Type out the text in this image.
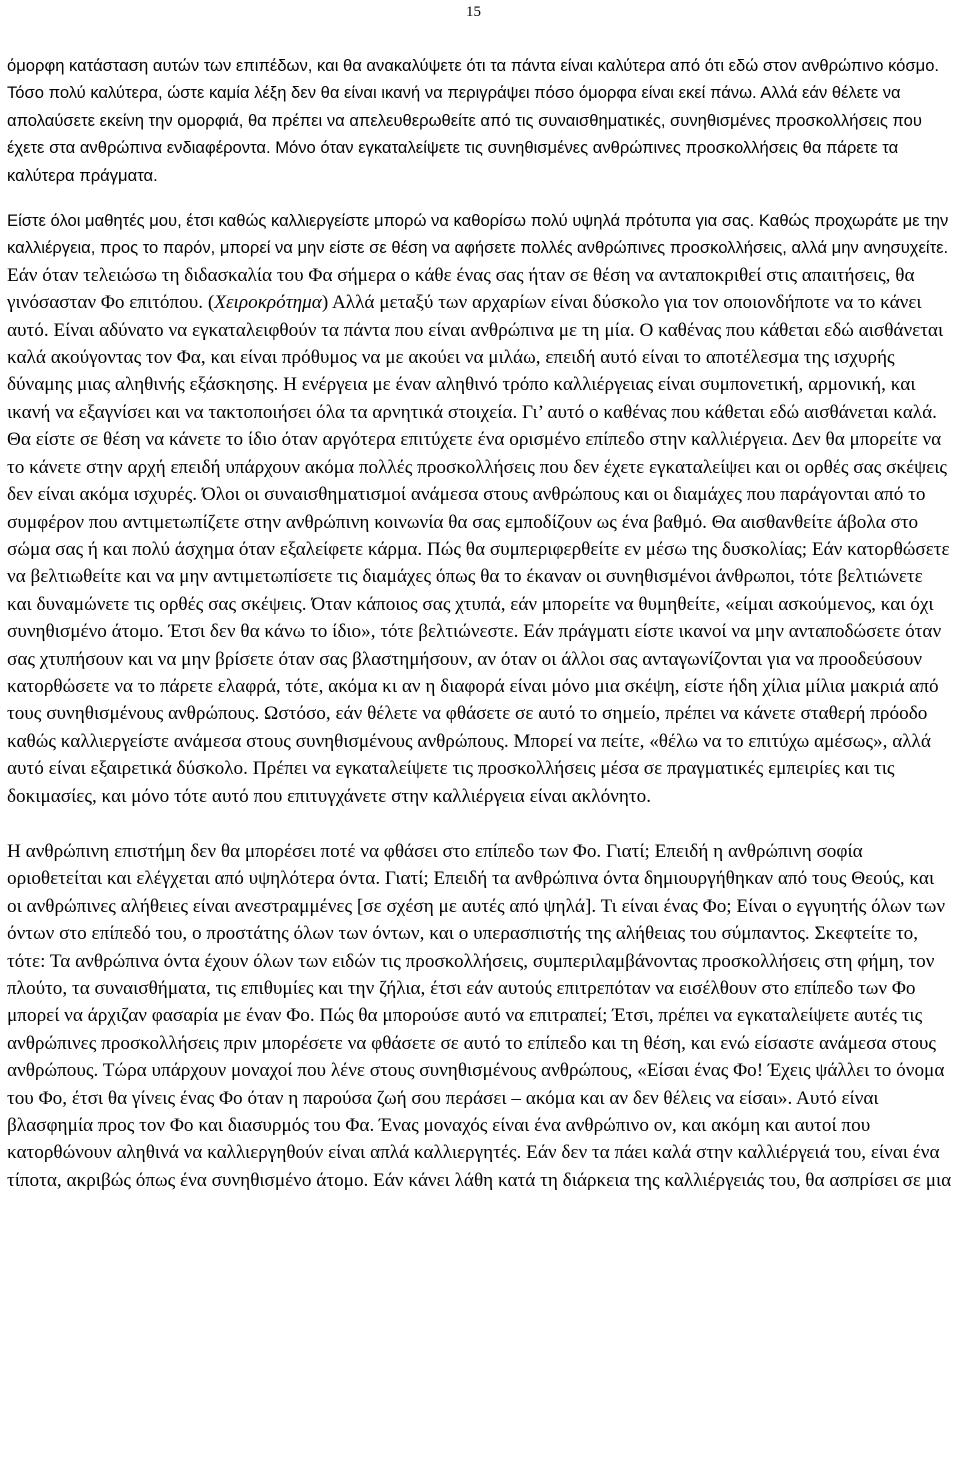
15

όμορφη κατάσταση αυτών των επιπέδων, και θα ανακαλύψετε ότι τα πάντα είναι καλύτερα από ότι εδώ στον ανθρώπινο κόσμο. Τόσο πολύ καλύτερα, ώστε καμία λέξη δεν θα είναι ικανή να περιγράψει πόσο όμορφα είναι εκεί πάνω. Αλλά εάν θέλετε να απολαύσετε εκείνη την ομορφιά, θα πρέπει να απελευθερωθείτε από τις συναισθηματικές, συνηθισμένες προσκολλήσεις που έχετε στα ανθρώπινα ενδιαφέροντα. Μόνο όταν εγκαταλείψετε τις συνηθισμένες ανθρώπινες προσκολλήσεις θα πάρετε τα καλύτερα πράγματα.

Είστε όλοι μαθητές μου, έτσι καθώς καλλιεργείστε μπορώ να καθορίσω πολύ υψηλά πρότυπα για σας. Καθώς προχωράτε με την καλλιέργεια, προς το παρόν, μπορεί να μην είστε σε θέση να αφήσετε πολλές ανθρώπινες προσκολλήσεις, αλλά μην ανησυχείτε. Εάν όταν τελειώσω τη διδασκαλία του Φα σήμερα ο κάθε ένας σας ήταν σε θέση να ανταποκριθεί στις απαιτήσεις, θα γινόσασταν Φο επιτόπου. (Χειροκρότημα) Αλλά μεταξύ των αρχαρίων είναι δύσκολο για τον οποιονδήποτε να το κάνει αυτό. Είναι αδύνατο να εγκαταλειφθούν τα πάντα που είναι ανθρώπινα με τη μία. Ο καθένας που κάθεται εδώ αισθάνεται καλά ακούγοντας τον Φα, και είναι πρόθυμος να με ακούει να μιλάω, επειδή αυτό είναι το αποτέλεσμα της ισχυρής δύναμης μιας αληθινής εξάσκησης. Η ενέργεια με έναν αληθινό τρόπο καλλιέργειας είναι συμπονετική, αρμονική, και ικανή να εξαγνίσει και να τακτοποιήσει όλα τα αρνητικά στοιχεία. Γι’ αυτό ο καθένας που κάθεται εδώ αισθάνεται καλά. Θα είστε σε θέση να κάνετε το ίδιο όταν αργότερα επιτύχετε ένα ορισμένο επίπεδο στην καλλιέργεια. Δεν θα μπορείτε να το κάνετε στην αρχή επειδή υπάρχουν ακόμα πολλές προσκολλήσεις που δεν έχετε εγκαταλείψει και οι ορθές σας σκέψεις δεν είναι ακόμα ισχυρές. Όλοι οι συναισθηματισμοί ανάμεσα στους ανθρώπους και οι διαμάχες που παράγονται από το συμφέρον που αντιμετωπίζετε στην ανθρώπινη κοινωνία θα σας εμποδίζουν ως ένα βαθμό. Θα αισθανθείτε άβολα στο σώμα σας ή και πολύ άσχημα όταν εξαλείφετε κάρμα. Πώς θα συμπεριφερθείτε εν μέσω της δυσκολίας; Εάν κατορθώσετε να βελτιωθείτε και να μην αντιμετωπίσετε τις διαμάχες όπως θα το έκαναν οι συνηθισμένοι άνθρωποι, τότε βελτιώνετε και δυναμώνετε τις ορθές σας σκέψεις. Όταν κάποιος σας χτυπά, εάν μπορείτε να θυμηθείτε, «είμαι ασκούμενος, και όχι συνηθισμένο άτομο. Έτσι δεν θα κάνω το ίδιο», τότε βελτιώνεστε. Εάν πράγματι είστε ικανοί να μην ανταποδώσετε όταν σας χτυπήσουν και να μην βρίσετε όταν σας βλαστημήσουν, αν όταν οι άλλοι σας ανταγωνίζονται για να προοδεύσουν κατορθώσετε να το πάρετε ελαφρά, τότε, ακόμα κι αν η διαφορά είναι μόνο μια σκέψη, είστε ήδη χίλια μίλια μακριά από τους συνηθισμένους ανθρώπους. Ωστόσο, εάν θέλετε να φθάσετε σε αυτό το σημείο, πρέπει να κάνετε σταθερή πρόοδο καθώς καλλιεργείστε ανάμεσα στους συνηθισμένους ανθρώπους. Μπορεί να πείτε, «θέλω να το επιτύχω αμέσως», αλλά αυτό είναι εξαιρετικά δύσκολο. Πρέπει να εγκαταλείψετε τις προσκολλήσεις μέσα σε πραγματικές εμπειρίες και τις δοκιμασίες, και μόνο τότε αυτό που επιτυγχάνετε στην καλλιέργεια είναι ακλόνητο.

Η ανθρώπινη επιστήμη δεν θα μπορέσει ποτέ να φθάσει στο επίπεδο των Φο. Γιατί; Επειδή η ανθρώπινη σοφία οριοθετείται και ελέγχεται από υψηλότερα όντα. Γιατί; Επειδή τα ανθρώπινα όντα δημιουργήθηκαν από τους Θεούς, και οι ανθρώπινες αλήθειες είναι ανεστραμμένες [σε σχέση με αυτές από ψηλά]. Τι είναι ένας Φο; Είναι ο εγγυητής όλων των όντων στο επίπεδό του, ο προστάτης όλων των όντων, και ο υπερασπιστής της αλήθειας του σύμπαντος. Σκεφτείτε το, τότε: Τα ανθρώπινα όντα έχουν όλων των ειδών τις προσκολλήσεις, συμπεριλαμβάνοντας προσκολλήσεις στη φήμη, τον πλούτο, τα συναισθήματα, τις επιθυμίες και την ζήλια, έτσι εάν αυτούς επιτρεπόταν να εισέλθουν στο επίπεδο των Φο μπορεί να άρχιζαν φασαρία με έναν Φο. Πώς θα μπορούσε αυτό να επιτραπεί; Έτσι, πρέπει να εγκαταλείψετε αυτές τις ανθρώπινες προσκολλήσεις πριν μπορέσετε να φθάσετε σε αυτό το επίπεδο και τη θέση, και ενώ είσαστε ανάμεσα στους ανθρώπους. Τώρα υπάρχουν μοναχοί που λένε στους συνηθισμένους ανθρώπους, «Είσαι ένας Φο! Έχεις ψάλλει το όνομα του Φο, έτσι θα γίνεις ένας Φο όταν η παρούσα ζωή σου περάσει – ακόμα και αν δεν θέλεις να είσαι». Αυτό είναι βλασφημία προς τον Φο και διασυρμός του Φα. Ένας μοναχός είναι ένα ανθρώπινο ον, και ακόμη και αυτοί που κατορθώνουν αληθινά να καλλιεργηθούν είναι απλά καλλιεργητές. Εάν δεν τα πάει καλά στην καλλιέργειά του, είναι ένα τίποτα, ακριβώς όπως ένα συνηθισμένο άτομο. Εάν κάνει λάθη κατά τη διάρκεια της καλλιέργειάς του, θα ασπρίσει σε μια
